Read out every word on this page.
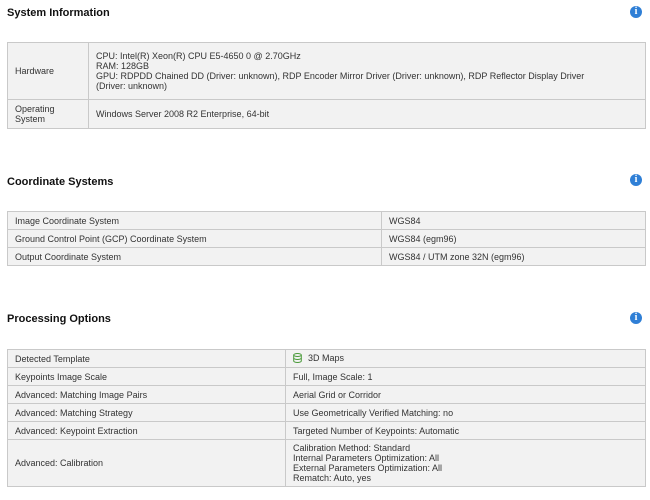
System Information	i
Hardware	CPU: Intel(R) Xeon(R) CPU E5-4650 0 @ 2.70GHz
RAM: 128GB
GPU: RDPDD Chained DD (Driver: unknown), RDP Encoder Mirror Driver (Driver: unknown), RDP Reflector Display Driver
(Driver: unknown)

Operating
System	Windows Server 2008 R2 Enterprise, 64-bit
Coordinate Systems	i
Image Coordinate System	WGS84
Ground Control Point (GCP) Coordinate System	WGS84 (egm96)
Output Coordinate System	WGS84 / UTM zone 32N (egm96)
Processing Options	i
Detected Template	3D Maps
Keypoints Image Scale	Full, Image Scale: 1
Advanced: Matching Image Pairs	Aerial Grid or Corridor
Advanced: Matching Strategy	Use Geometrically Verified Matching: no
Advanced: Keypoint Extraction	Targeted Number of Keypoints: Automatic
Advanced: Calibration	Calibration Method: Standard
Internal Parameters Optimization: All
External Parameters Optimization: All
Rematch: Auto, yes
